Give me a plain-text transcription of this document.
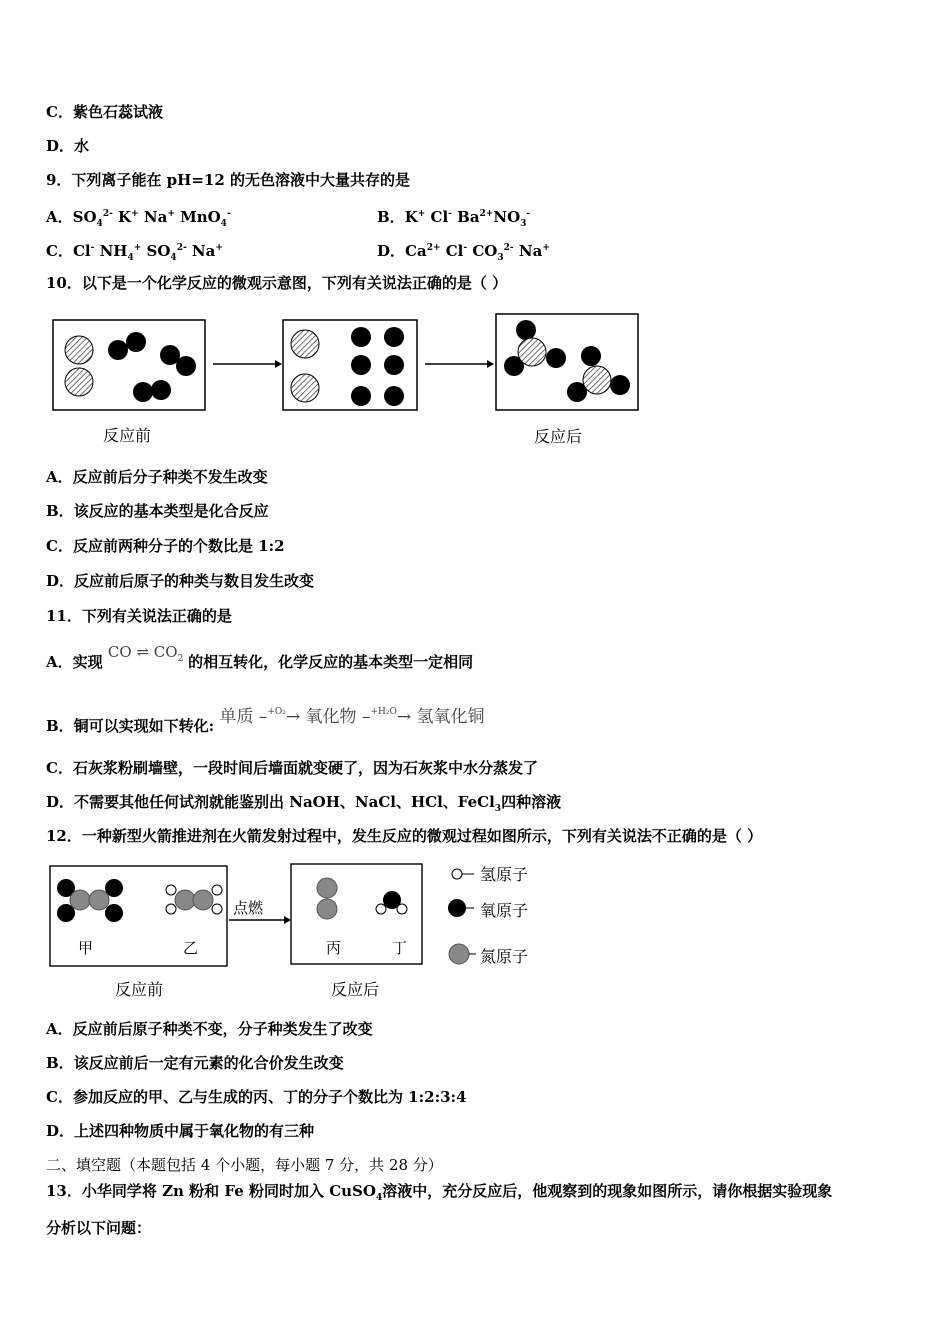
C．紫色石蕊试液
D．水
9．下列离子能在 pH=12 的无色溶液中大量共存的是
A．$SO_4^{2-}$ K+ Na+ MnO$_4$-	B．K+ Cl- $Ba^{2+}NO_3^-$
C．Cl- $NH_4^+$ $SO_4^{2-}$ Na+	D．$Ca^{2+}$ Cl- $CO_3^{2-}$ Na+
10．以下是一个化学反应的微观示意图，下列有关说法正确的是（ ）
反应前	反应后
A．反应前后分子种类不发生改变
B．该反应的基本类型是化合反应
C．反应前两种分子的个数比是 1:2
D．反应前后原子的种类与数目发生改变
11．下列有关说法正确的是
A．实现 CO ⇌ $CO_2$ 的相互转化，化学反应的基本类型一定相同
B．铜可以实现如下转化: 单质 –$^{+O_2}$→ 氧化物 –$^{+H_2O}$→ 氢氧化铜
C．石灰浆粉刷墙壁，一段时间后墙面就变硬了，因为石灰浆中水分蒸发了
D．不需要其他任何试剂就能鉴别出 NaOH、NaCl、HCl、FeCl$_3$四种溶液
12．一种新型火箭推进剂在火箭发射过程中，发生反应的微观过程如图所示，下列有关说法不正确的是（ ）
甲	乙	丙	丁
点燃
氢原子
氧原子
氮原子
反应前	反应后
A．反应前后原子种类不变，分子种类发生了改变
B．该反应前后一定有元素的化合价发生改变
C．参加反应的甲、乙与生成的丙、丁的分子个数比为 1:2:3:4
D．上述四种物质中属于氧化物的有三种
二、填空题（本题包括 4 个小题，每小题 7 分，共 28 分）
13．小华同学将 Zn 粉和 Fe 粉同时加入 CuSO$_4$溶液中，充分反应后，他观察到的现象如图所示，请你根据实验现象
分析以下问题：
